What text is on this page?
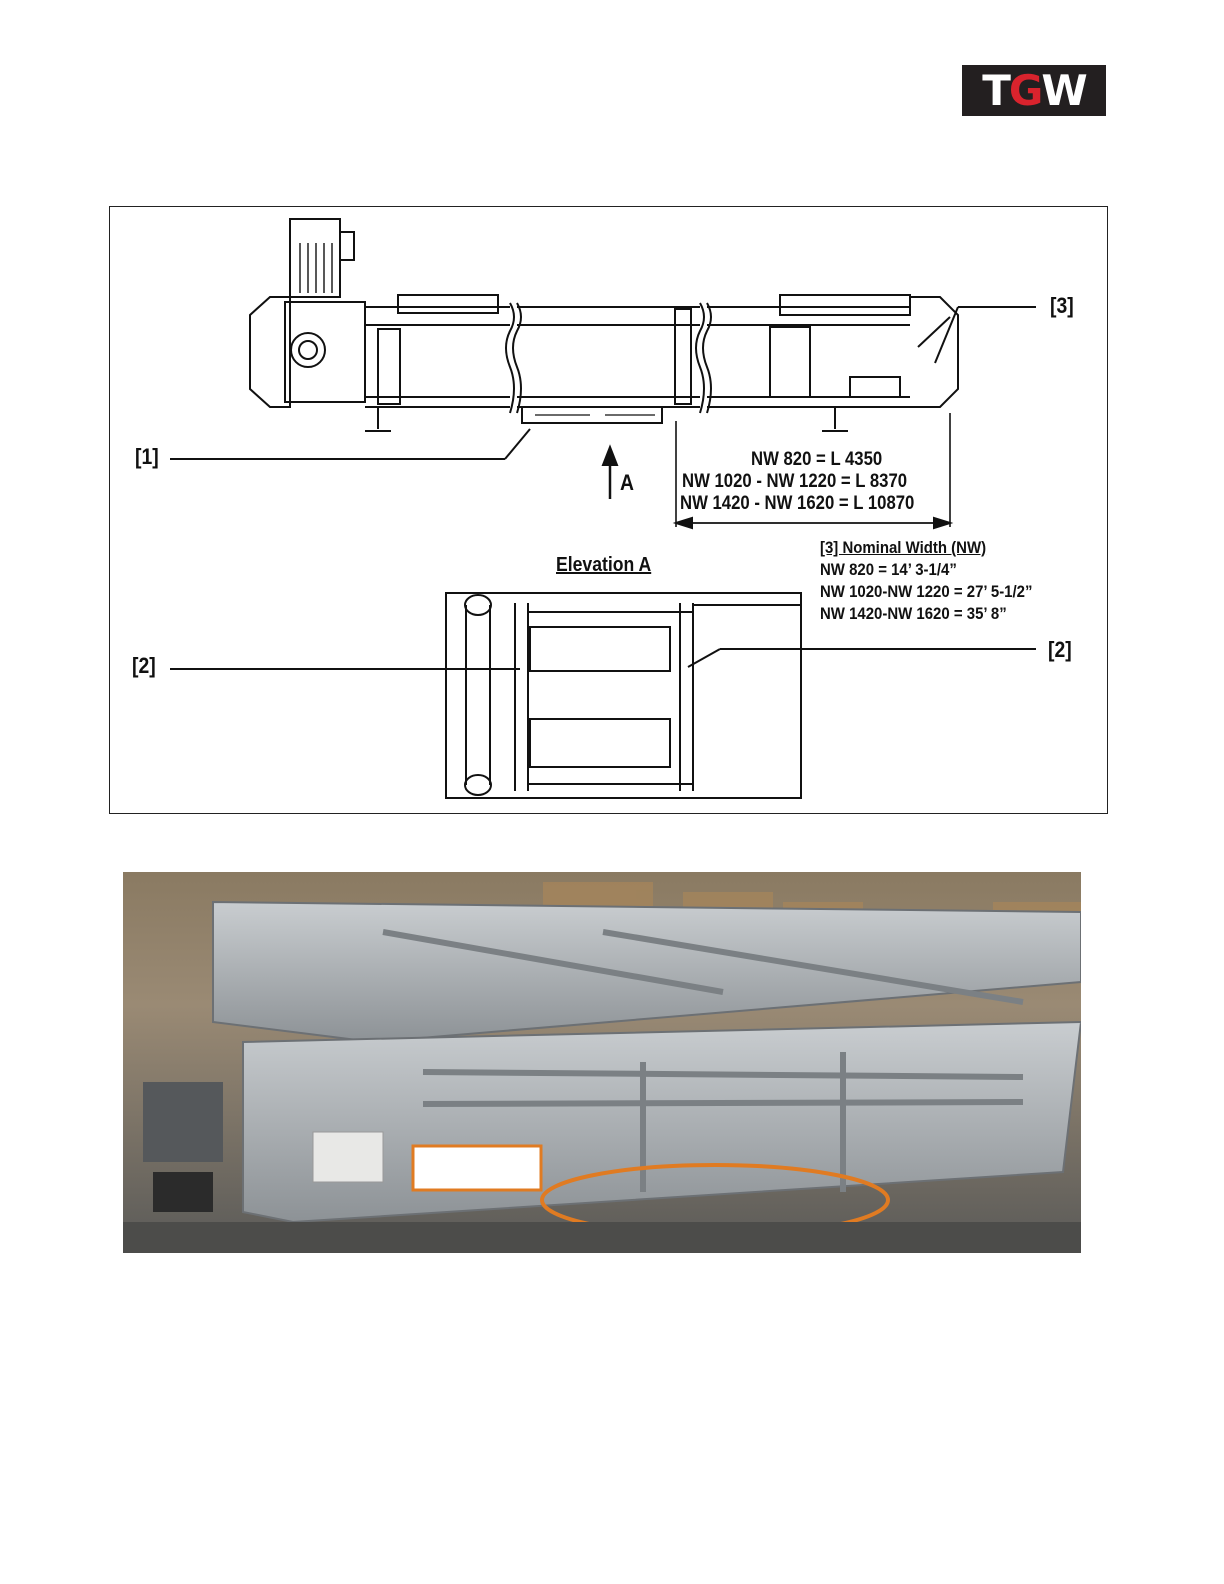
T G W
[1]
[3]
[2]
[2]
A
NW 820 = L 4350
NW 1020 - NW 1220 = L 8370
NW 1420 - NW 1620 = L 10870
Elevation A
[3] Nominal Width (NW)
NW 820 = 14’ 3-1/4”
NW 1020-NW 1220 = 27’ 5-1/2”
NW 1420-NW 1620 = 35’ 8”
